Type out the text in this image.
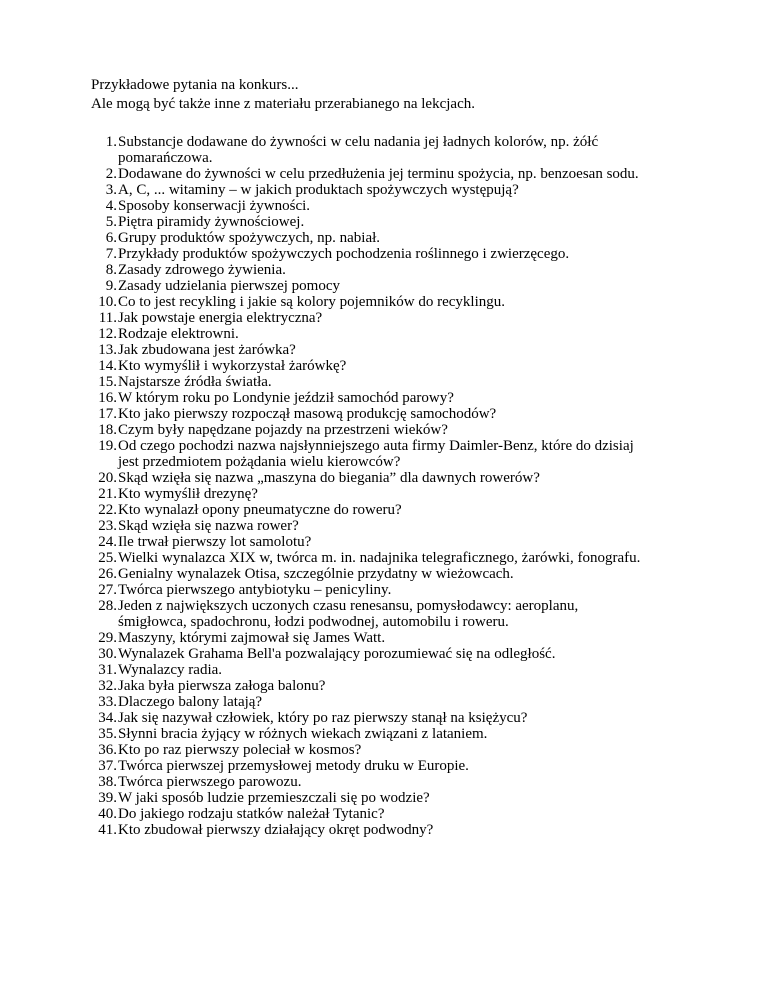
Przykładowe pytania na konkurs...
Ale mogą być także inne z materiału przerabianego na lekcjach.
1. Substancje dodawane do żywności w celu nadania jej ładnych kolorów, np. żółć
pomarańczowa.
2. Dodawane do żywności w celu przedłużenia jej terminu spożycia, np. benzoesan sodu.
3. A, C, ... witaminy – w jakich produktach spożywczych występują?
4. Sposoby konserwacji żywności.
5. Piętra piramidy żywnościowej.
6. Grupy produktów spożywczych, np. nabiał.
7. Przykłady produktów spożywczych pochodzenia roślinnego i zwierzęcego.
8. Zasady zdrowego żywienia.
9. Zasady udzielania pierwszej pomocy
10. Co to jest recykling i jakie są kolory pojemników do recyklingu.
11. Jak powstaje energia elektryczna?
12. Rodzaje elektrowni.
13. Jak zbudowana jest żarówka?
14. Kto wymyślił i wykorzystał żarówkę?
15. Najstarsze źródła światła.
16. W którym roku po Londynie jeździł samochód parowy?
17. Kto jako pierwszy rozpoczął masową produkcję samochodów?
18. Czym były napędzane pojazdy na przestrzeni wieków?
19. Od czego pochodzi nazwa najsłynniejszego auta firmy Daimler-Benz, które do dzisiaj
jest przedmiotem pożądania wielu kierowców?
20. Skąd wzięła się nazwa „maszyna do biegania” dla dawnych rowerów?
21. Kto wymyślił drezynę?
22. Kto wynalazł opony pneumatyczne do roweru?
23. Skąd wzięła się nazwa rower?
24. Ile trwał pierwszy lot samolotu?
25. Wielki wynalazca XIX w, twórca m. in. nadajnika telegraficznego, żarówki, fonografu.
26. Genialny wynalazek Otisa, szczególnie przydatny w wieżowcach.
27. Twórca pierwszego antybiotyku – penicyliny.
28. Jeden z największych uczonych czasu renesansu, pomysłodawcy: aeroplanu,
śmigłowca, spadochronu, łodzi podwodnej, automobilu i roweru.
29. Maszyny, którymi zajmował się James Watt.
30. Wynalazek Grahama Bell'a pozwalający porozumiewać się na odległość.
31. Wynalazcy radia.
32. Jaka była pierwsza załoga balonu?
33. Dlaczego balony latają?
34. Jak się nazywał człowiek, który po raz pierwszy stanął na księżycu?
35. Słynni bracia żyjący w różnych wiekach związani z lataniem.
36. Kto po raz pierwszy poleciał w kosmos?
37. Twórca pierwszej przemysłowej metody druku w Europie.
38. Twórca pierwszego parowozu.
39. W jaki sposób ludzie przemieszczali się po wodzie?
40. Do jakiego rodzaju statków należał Tytanic?
41. Kto zbudował pierwszy działający okręt podwodny?
